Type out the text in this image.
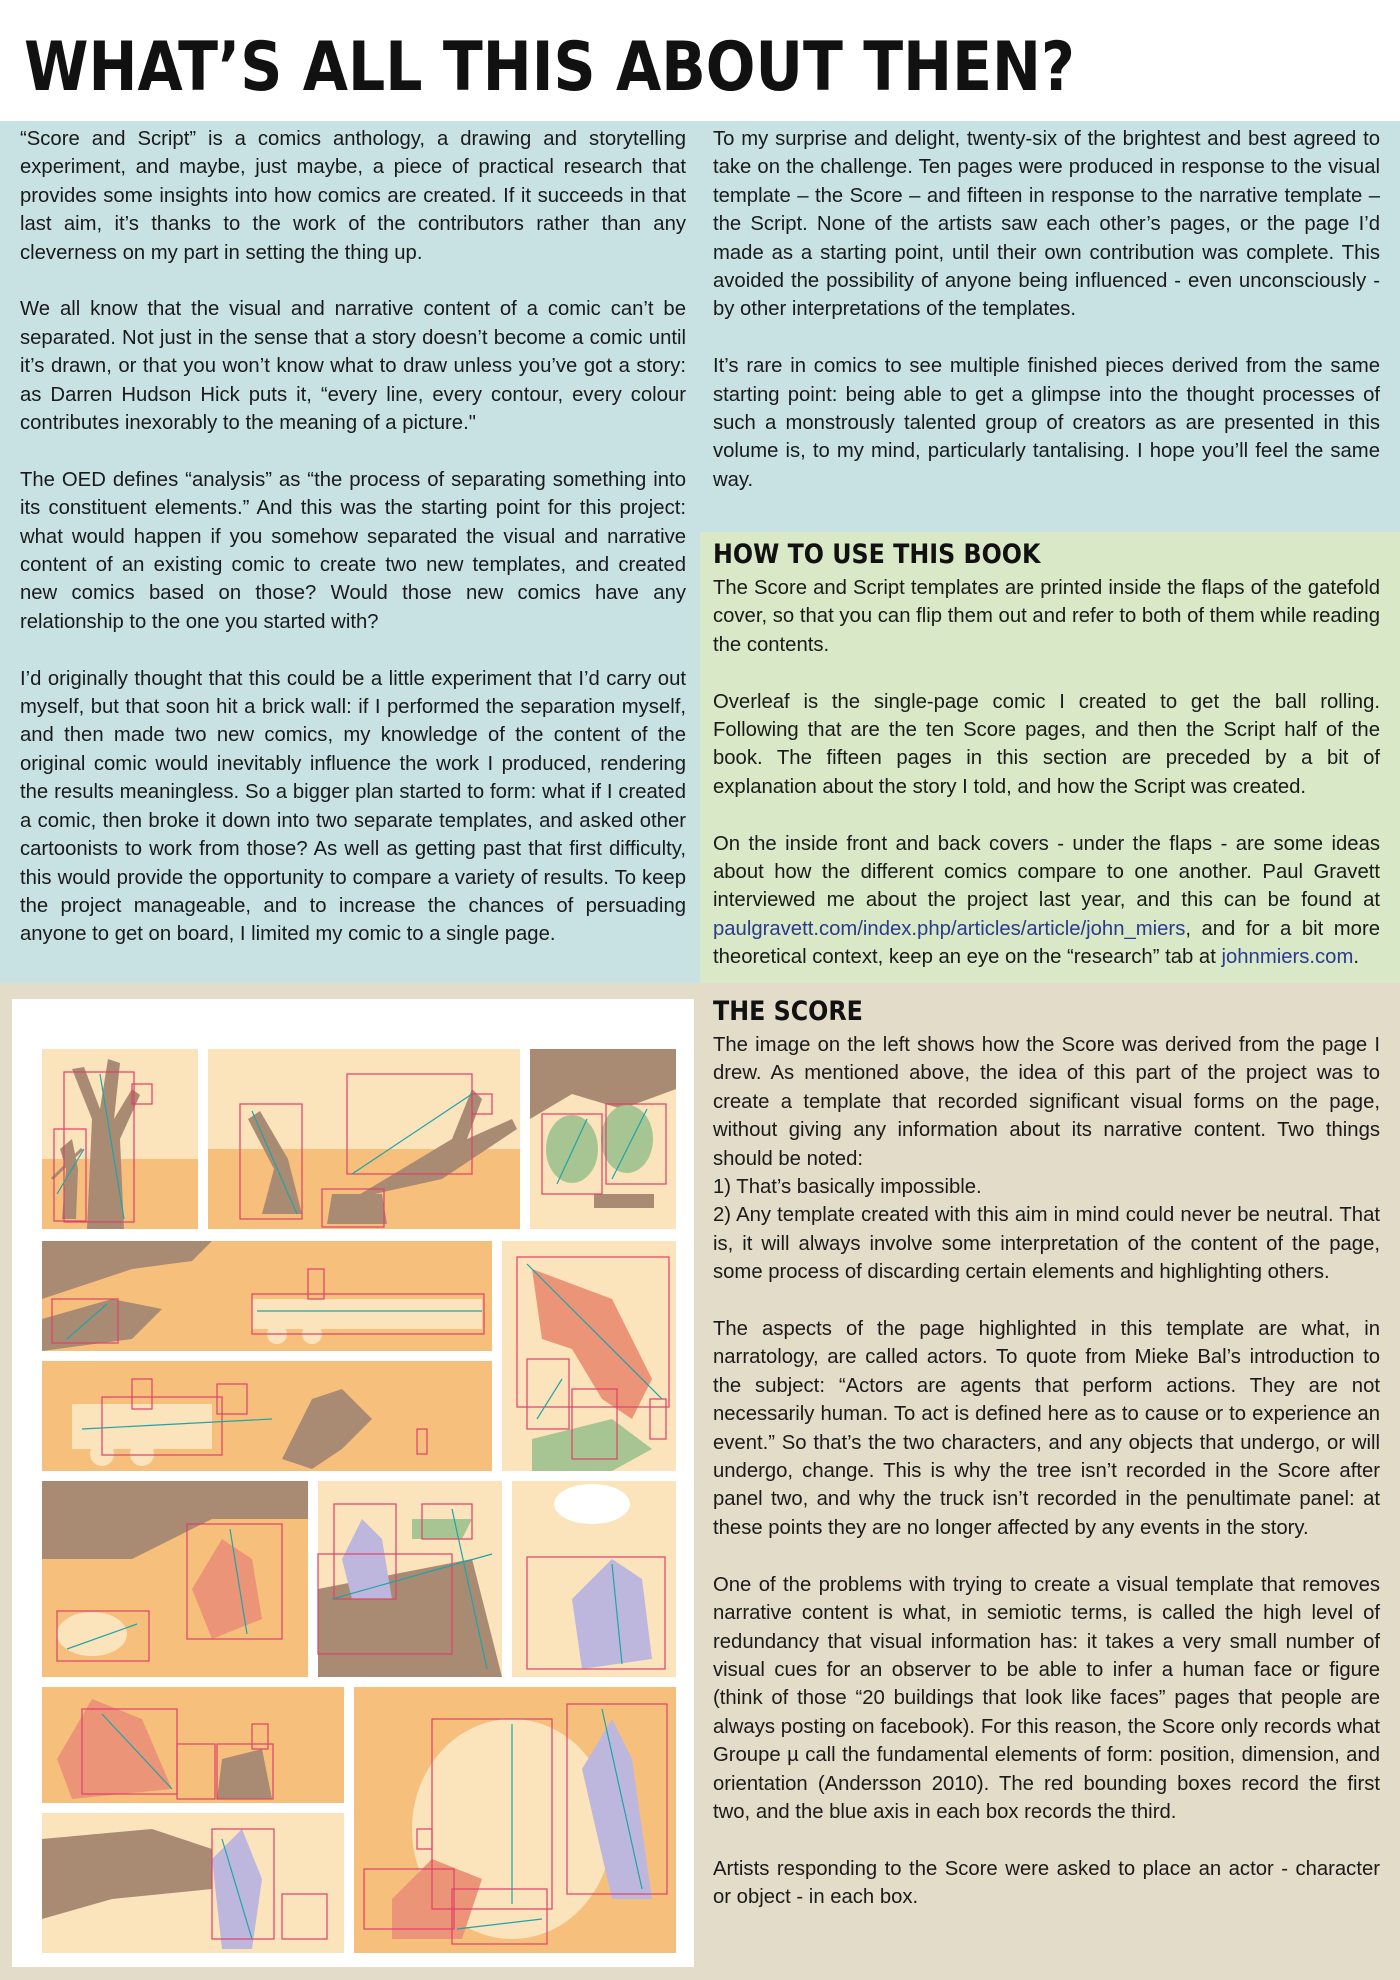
WHAT’S ALL THIS ABOUT THEN?

“Score and Script” is a comics anthology, a drawing and storytelling experiment, and maybe, just maybe, a piece of practical research that provides some insights into how comics are created. If it succeeds in that last aim, it’s thanks to the work of the contributors rather than any cleverness on my part in setting the thing up.

We all know that the visual and narrative content of a comic can’t be separated. Not just in the sense that a story doesn’t become a comic until it’s drawn, or that you won’t know what to draw unless you’ve got a story: as Darren Hudson Hick puts it, “every line, every contour, every colour contributes inexorably to the meaning of a picture."

The OED defines “analysis” as “the process of separating something into its constituent elements.” And this was the starting point for this project: what would happen if you somehow separated the visual and narrative content of an existing comic to create two new templates, and created new comics based on those? Would those new comics have any relationship to the one you started with?

I’d originally thought that this could be a little experiment that I’d carry out myself, but that soon hit a brick wall: if I performed the separation myself, and then made two new comics, my knowledge of the content of the original comic would inevitably influence the work I produced, rendering the results meaningless. So a bigger plan started to form: what if I created a comic, then broke it down into two separate templates, and asked other cartoonists to work from those? As well as getting past that first difficulty, this would provide the opportunity to compare a variety of results. To keep the project manageable, and to increase the chances of persuading anyone to get on board, I limited my comic to a single page.

To my surprise and delight, twenty-six of the brightest and best agreed to take on the challenge. Ten pages were produced in response to the visual template – the Score – and fifteen in response to the narrative template – the Script. None of the artists saw each other’s pages, or the page I’d made as a starting point, until their own contribution was complete. This avoided the possibility of anyone being influenced - even unconsciously - by other interpretations of the templates.

It’s rare in comics to see multiple finished pieces derived from the same starting point: being able to get a glimpse into the thought processes of such a monstrously talented group of creators as are presented in this volume is, to my mind, particularly tantalising. I hope you’ll feel the same way.

HOW TO USE THIS BOOK

The Score and Script templates are printed inside the flaps of the gatefold cover, so that you can flip them out and refer to both of them while reading the contents.

Overleaf is the single-page comic I created to get the ball rolling. Following that are the ten Score pages, and then the Script half of the book. The fifteen pages in this section are preceded by a bit of explanation about the story I told, and how the Script was created.

On the inside front and back covers - under the flaps - are some ideas about how the different comics compare to one another. Paul Gravett interviewed me about the project last year, and this can be found at paulgravett.com/index.php/articles/article/john_miers, and for a bit more theoretical context, keep an eye on the “research” tab at johnmiers.com.

THE SCORE

The image on the left shows how the Score was derived from the page I drew. As mentioned above, the idea of this part of the project was to create a template that recorded significant visual forms on the page, without giving any information about its narrative content. Two things should be noted:

1) That’s basically impossible.

2) Any template created with this aim in mind could never be neutral. That is, it will always involve some interpretation of the content of the page, some process of discarding certain elements and highlighting others.

The aspects of the page highlighted in this template are what, in narratology, are called actors. To quote from Mieke Bal’s introduction to the subject: “Actors are agents that perform actions. They are not necessarily human. To act is defined here as to cause or to experience an event.” So that’s the two characters, and any objects that undergo, or will undergo, change. This is why the tree isn’t recorded in the Score after panel two, and why the truck isn’t recorded in the penultimate panel: at these points they are no longer affected by any events in the story.

One of the problems with trying to create a visual template that removes narrative content is what, in semiotic terms, is called the high level of redundancy that visual information has: it takes a very small number of visual cues for an observer to be able to infer a human face or figure (think of those “20 buildings that look like faces” pages that people are always posting on facebook). For this reason, the Score only records what Groupe µ call the fundamental elements of form: position, dimension, and orientation (Andersson 2010). The red bounding boxes record the first two, and the blue axis in each box records the third.

Artists responding to the Score were asked to place an actor - character or object - in each box.
